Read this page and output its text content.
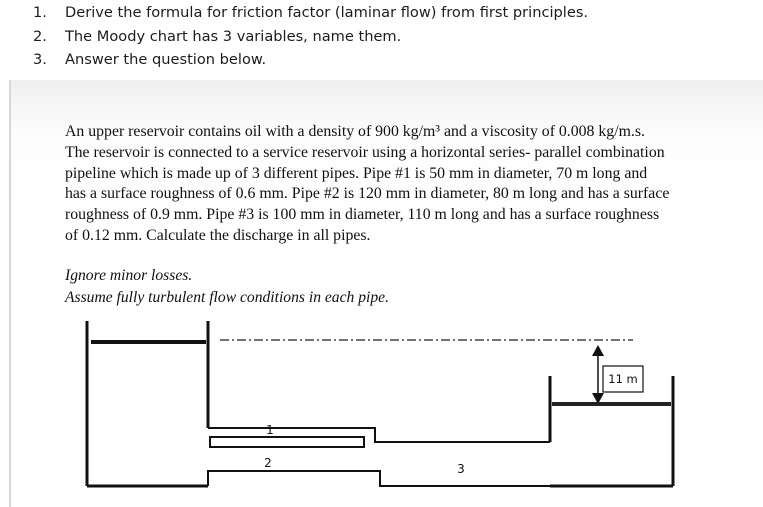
1. Derive the formula for friction factor (laminar flow) from first principles.
2. The Moody chart has 3 variables, name them.
3. Answer the question below.

An upper reservoir contains oil with a density of 900 kg/m³ and a viscosity of 0.008 kg/m.s.
The reservoir is connected to a service reservoir using a horizontal series- parallel combination
pipeline which is made up of 3 different pipes. Pipe #1 is 50 mm in diameter, 70 m long and
has a surface roughness of 0.6 mm. Pipe #2 is 120 mm in diameter, 80 m long and has a surface
roughness of 0.9 mm. Pipe #3 is 100 mm in diameter, 110 m long and has a surface roughness
of 0.12 mm. Calculate the discharge in all pipes.

Ignore minor losses.
Assume fully turbulent flow conditions in each pipe.
11 m
1
2	3
